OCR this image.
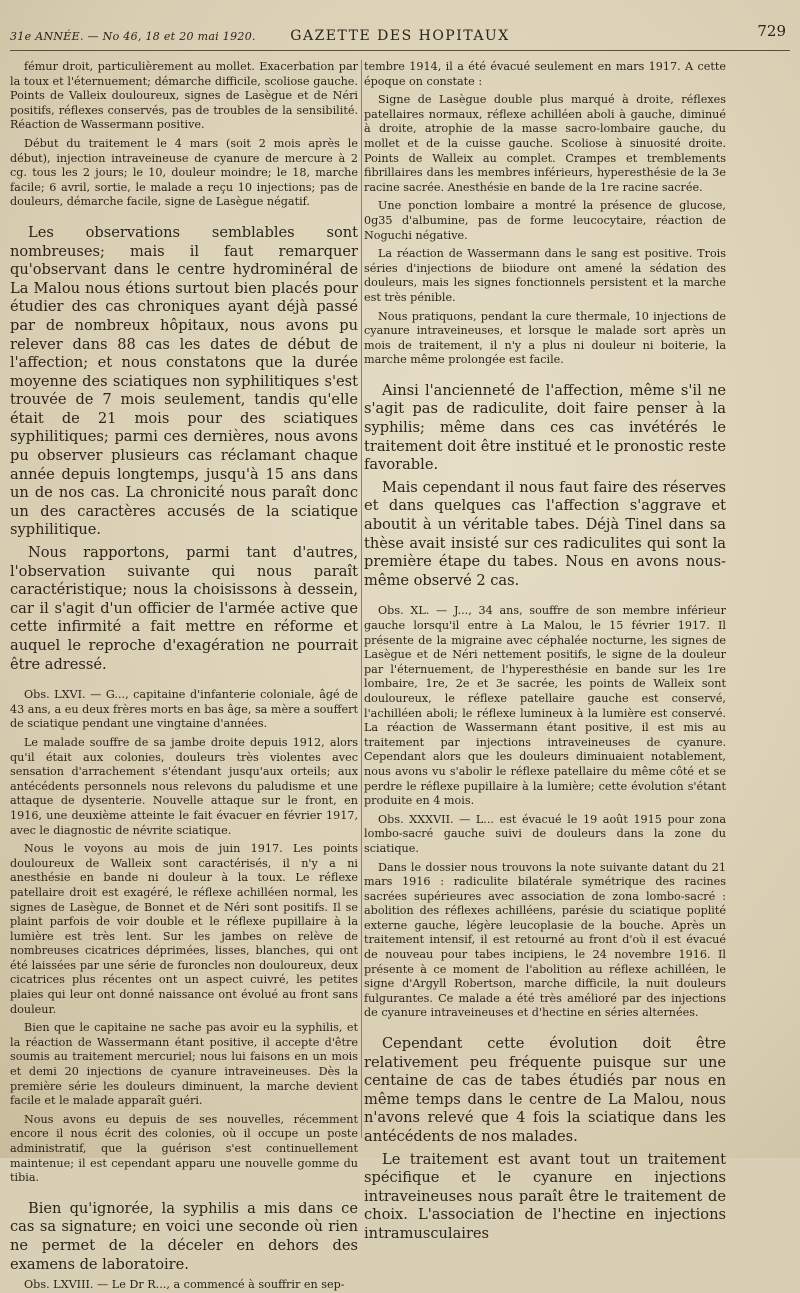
31e ANNÉE. — No 46, 18 et 20 mai 1920.	GAZETTE DES HOPITAUX	729

fémur droit, particulièrement au mollet. Exacerbation par la toux et l'éternuement; démarche difficile, scoliose gauche. Points de Valleix douloureux, signes de Lasègue et de Néri positifs, réflexes conservés, pas de troubles de la sensibilité. Réaction de Wassermann positive.

Début du traitement le 4 mars (soit 2 mois après le début), injection intraveineuse de cyanure de mercure à 2 cg. tous les 2 jours; le 10, douleur moindre; le 18, marche facile; 6 avril, sortie, le malade a reçu 10 injections; pas de douleurs, démarche facile, signe de Lasègue négatif.

Les observations semblables sont nombreuses; mais il faut remarquer qu'observant dans le centre hydrominéral de La Malou nous étions surtout bien placés pour étudier des cas chroniques ayant déjà passé par de nombreux hôpitaux, nous avons pu relever dans 88 cas les dates de début de l'affection; et nous constatons que la durée moyenne des sciatiques non syphilitiques s'est trouvée de 7 mois seulement, tandis qu'elle était de 21 mois pour des sciatiques syphilitiques; parmi ces dernières, nous avons pu observer plusieurs cas réclamant chaque année depuis longtemps, jusqu'à 15 ans dans un de nos cas. La chronicité nous paraît donc un des caractères accusés de la sciatique syphilitique.

Nous rapportons, parmi tant d'autres, l'observation suivante qui nous paraît caractéristique; nous la choisissons à dessein, car il s'agit d'un officier de l'armée active que cette infirmité a fait mettre en réforme et auquel le reproche d'exagération ne pourrait être adressé.

Obs. LXVI. — G..., capitaine d'infanterie coloniale, âgé de 43 ans, a eu deux frères morts en bas âge, sa mère a souffert de sciatique pendant une vingtaine d'années.

Le malade souffre de sa jambe droite depuis 1912, alors qu'il était aux colonies, douleurs très violentes avec sensation d'arrachement s'étendant jusqu'aux orteils; aux antécédents personnels nous relevons du paludisme et une attaque de dysenterie. Nouvelle attaque sur le front, en 1916, une deuxième atteinte le fait évacuer en février 1917, avec le diagnostic de névrite sciatique.

Nous le voyons au mois de juin 1917. Les points douloureux de Walleix sont caractérisés, il n'y a ni anesthésie en bande ni douleur à la toux. Le réflexe patellaire droit est exagéré, le réflexe achilléen normal, les signes de Lasègue, de Bonnet et de Néri sont positifs. Il se plaint parfois de voir double et le réflexe pupillaire à la lumière est très lent. Sur les jambes on relève de nombreuses cicatrices déprimées, lisses, blanches, qui ont été laissées par une série de furoncles non douloureux, deux cicatrices plus récentes ont un aspect cuivré, les petites plaies qui leur ont donné naissance ont évolué au front sans douleur.

Bien que le capitaine ne sache pas avoir eu la syphilis, et la réaction de Wassermann étant positive, il accepte d'être soumis au traitement mercuriel; nous lui faisons en un mois et demi 20 injections de cyanure intraveineuses. Dès la première série les douleurs diminuent, la marche devient facile et le malade apparaît guéri.

Nous avons eu depuis de ses nouvelles, récemment encore il nous écrit des colonies, où il occupe un poste administratif, que la guérison s'est continuellement maintenue; il est cependant apparu une nouvelle gomme du tibia.

Bien qu'ignorée, la syphilis a mis dans ce cas sa signature; en voici une seconde où rien ne permet de la déceler en dehors des examens de laboratoire.

Obs. LXVIII. — Le Dr R..., a commencé à souffrir en sep-

tembre 1914, il a été évacué seulement en mars 1917. A cette époque on constate :

Signe de Lasègue double plus marqué à droite, réflexes patellaires normaux, réflexe achilléen aboli à gauche, diminué à droite, atrophie de la masse sacro-lombaire gauche, du mollet et de la cuisse gauche. Scoliose à sinuosité droite. Points de Walleix au complet. Crampes et tremblements fibrillaires dans les membres inférieurs, hyperesthésie de la 3e racine sacrée. Anesthésie en bande de la 1re racine sacrée.

Une ponction lombaire a montré la présence de glucose, 0g35 d'albumine, pas de forme leucocytaire, réaction de Noguchi négative.

La réaction de Wassermann dans le sang est positive. Trois séries d'injections de biiodure ont amené la sédation des douleurs, mais les signes fonctionnels persistent et la marche est très pénible.

Nous pratiquons, pendant la cure thermale, 10 injections de cyanure intraveineuses, et lorsque le malade sort après un mois de traitement, il n'y a plus ni douleur ni boiterie, la marche même prolongée est facile.

Ainsi l'ancienneté de l'affection, même s'il ne s'agit pas de radiculite, doit faire penser à la syphilis; même dans ces cas invétérés le traitement doit être institué et le pronostic reste favorable.

Mais cependant il nous faut faire des réserves et dans quelques cas l'affection s'aggrave et aboutit à un véritable tabes. Déjà Tinel dans sa thèse avait insisté sur ces radiculites qui sont la première étape du tabes. Nous en avons nous-même observé 2 cas.

Obs. XL. — J..., 34 ans, souffre de son membre inférieur gauche lorsqu'il entre à La Malou, le 15 février 1917. Il présente de la migraine avec céphalée nocturne, les signes de Lasègue et de Néri nettement positifs, le signe de la douleur par l'éternuement, de l'hyperesthésie en bande sur les 1re lombaire, 1re, 2e et 3e sacrée, les points de Walleix sont douloureux, le réflexe patellaire gauche est conservé, l'achilléen aboli; le réflexe lumineux à la lumière est conservé. La réaction de Wassermann étant positive, il est mis au traitement par injections intraveineuses de cyanure. Cependant alors que les douleurs diminuaient notablement, nous avons vu s'abolir le réflexe patellaire du même côté et se perdre le réflexe pupillaire à la lumière; cette évolution s'étant produite en 4 mois.

Obs. XXXVII. — L... est évacué le 19 août 1915 pour zona lombo-sacré gauche suivi de douleurs dans la zone du sciatique.

Dans le dossier nous trouvons la note suivante datant du 21 mars 1916 : radiculite bilatérale symétrique des racines sacrées supérieures avec association de zona lombo-sacré : abolition des réflexes achilléens, parésie du sciatique poplité externe gauche, légère leucoplasie de la bouche. Après un traitement intensif, il est retourné au front d'où il est évacué de nouveau pour tabes incipiens, le 24 novembre 1916. Il présente à ce moment de l'abolition au réflexe achilléen, le signe d'Argyll Robertson, marche difficile, la nuit douleurs fulgurantes. Ce malade a été très amélioré par des injections de cyanure intraveineuses et d'hectine en séries alternées.

Cependant cette évolution doit être relativement peu fréquente puisque sur une centaine de cas de tabes étudiés par nous en même temps dans le centre de La Malou, nous n'avons relevé que 4 fois la sciatique dans les antécédents de nos malades.

Le traitement est avant tout un traitement spécifique et le cyanure en injections intraveineuses nous paraît être le traitement de choix. L'association de l'hectine en injections intramusculaires
